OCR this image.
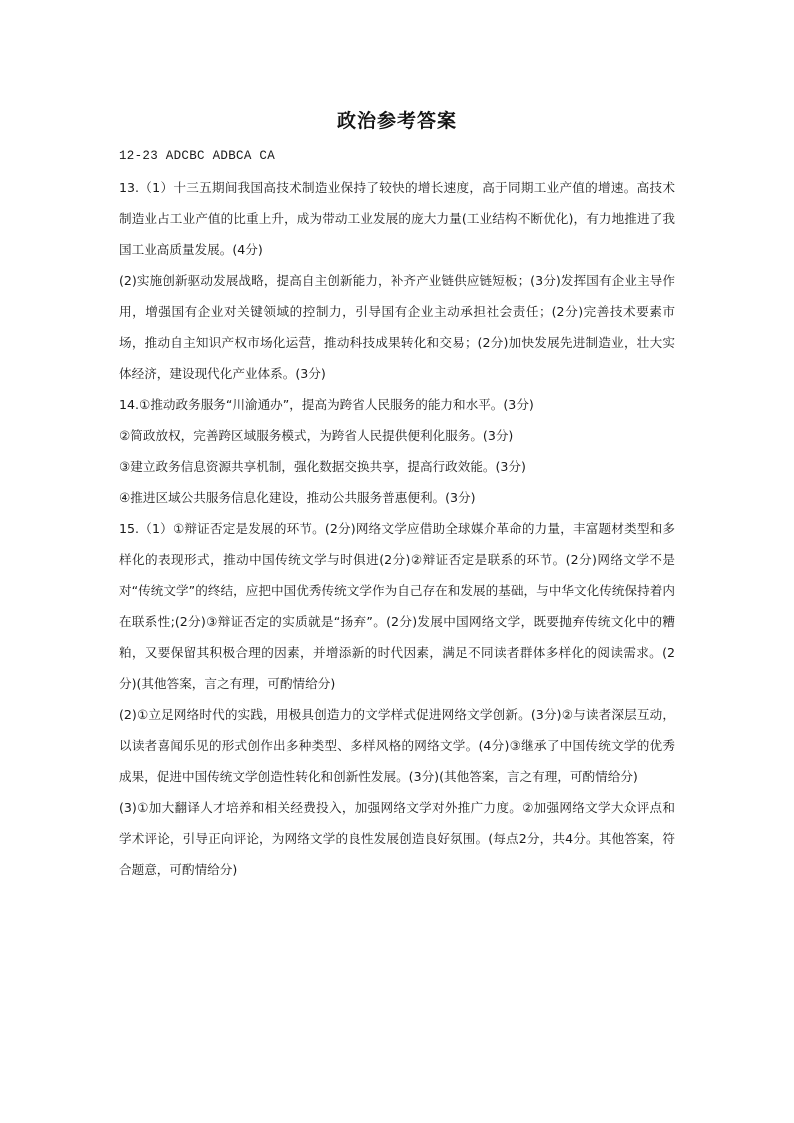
政治参考答案

12-23 ADCBC ADBCA CA

13.（1）十三五期间我国高技术制造业保持了较快的增长速度，高于同期工业产值的增速。高技术制造业占工业产值的比重上升，成为带动工业发展的庞大力量(工业结构不断优化)，有力地推进了我国工业高质量发展。(4分)

(2)实施创新驱动发展战略，提高自主创新能力，补齐产业链供应链短板；(3分)发挥国有企业主导作用，增强国有企业对关键领域的控制力，引导国有企业主动承担社会责任；(2分)完善技术要素市场，推动自主知识产权市场化运营，推动科技成果转化和交易；(2分)加快发展先进制造业，壮大实体经济，建设现代化产业体系。(3分)

14.①推动政务服务“川渝通办”，提高为跨省人民服务的能力和水平。(3分)

②简政放权，完善跨区域服务模式，为跨省人民提供便利化服务。(3分)

③建立政务信息资源共享机制，强化数据交换共享，提高行政效能。(3分)

④推进区域公共服务信息化建设，推动公共服务普惠便利。(3分)

15.（1）①辩证否定是发展的环节。(2分)网络文学应借助全球媒介革命的力量，丰富题材类型和多样化的表现形式，推动中国传统文学与时俱进(2分)②辩证否定是联系的环节。(2分)网络文学不是对“传统文学”的终结，应把中国优秀传统文学作为自己存在和发展的基础，与中华文化传统保持着内在联系性;(2分)③辩证否定的实质就是“扬弃”。(2分)发展中国网络文学，既要抛弃传统文化中的糟粕，又要保留其积极合理的因素，并增添新的时代因素，满足不同读者群体多样化的阅读需求。(2分)(其他答案，言之有理，可酌情给分)

(2)①立足网络时代的实践，用极具创造力的文学样式促进网络文学创新。(3分)②与读者深层互动，以读者喜闻乐见的形式创作出多种类型、多样风格的网络文学。(4分)③继承了中国传统文学的优秀成果，促进中国传统文学创造性转化和创新性发展。(3分)(其他答案，言之有理，可酌情给分)

(3)①加大翻译人才培养和相关经费投入，加强网络文学对外推广力度。②加强网络文学大众评点和学术评论，引导正向评论，为网络文学的良性发展创造良好氛围。(每点2分，共4分。其他答案，符合题意，可酌情给分)
